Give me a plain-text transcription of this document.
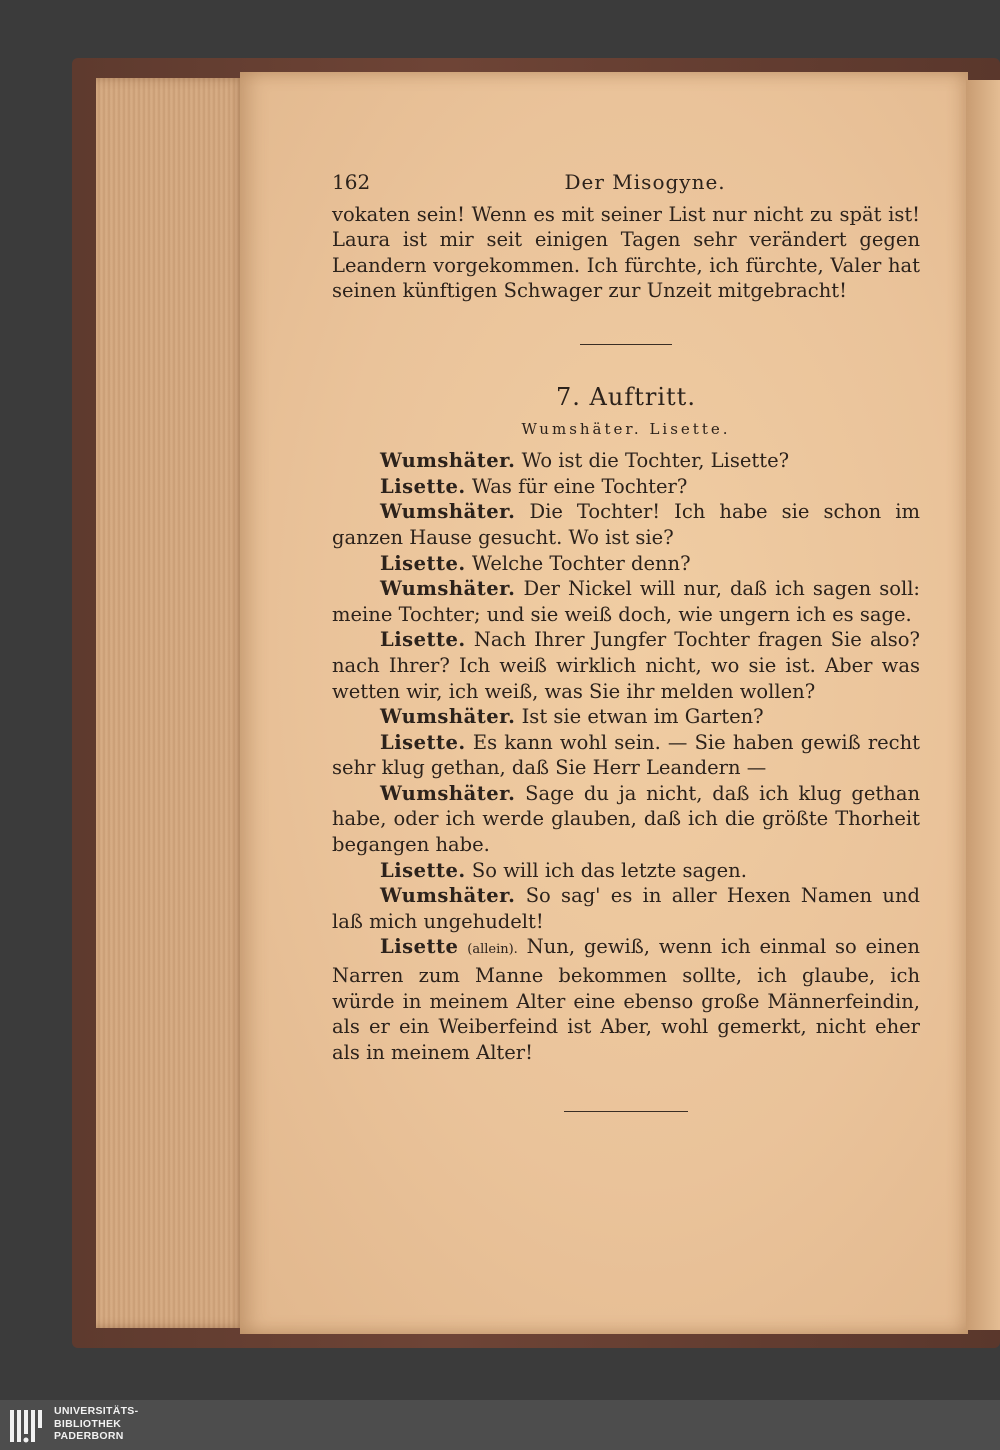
162	Der Misogyne.

vokaten sein! Wenn es mit seiner List nur nicht zu spät ist! Laura ist mir seit einigen Tagen sehr verändert gegen Leandern vorgekommen. Ich fürchte, ich fürchte, Valer hat seinen künftigen Schwager zur Unzeit mitgebracht!

7. Auftritt.
Wumshäter. Lisette.

Wumshäter. Wo ist die Tochter, Lisette?

Lisette. Was für eine Tochter?

Wumshäter. Die Tochter! Ich habe sie schon im ganzen Hause gesucht. Wo ist sie?

Lisette. Welche Tochter denn?

Wumshäter. Der Nickel will nur, daß ich sagen soll: meine Tochter; und sie weiß doch, wie ungern ich es sage.

Lisette. Nach Ihrer Jungfer Tochter fragen Sie also? nach Ihrer? Ich weiß wirklich nicht, wo sie ist. Aber was wetten wir, ich weiß, was Sie ihr melden wollen?

Wumshäter. Ist sie etwan im Garten?

Lisette. Es kann wohl sein. — Sie haben gewiß recht sehr klug gethan, daß Sie Herr Leandern —

Wumshäter. Sage du ja nicht, daß ich klug gethan habe, oder ich werde glauben, daß ich die größte Thorheit begangen habe.

Lisette. So will ich das letzte sagen.

Wumshäter. So sag' es in aller Hexen Namen und laß mich ungehudelt!

Lisette (allein). Nun, gewiß, wenn ich einmal so einen Narren zum Manne bekommen sollte, ich glaube, ich würde in meinem Alter eine ebenso große Männerfeindin, als er ein Weiberfeind ist Aber, wohl gemerkt, nicht eher als in meinem Alter!

UNIVERSITÄTS-
BIBLIOTHEK
PADERBORN
